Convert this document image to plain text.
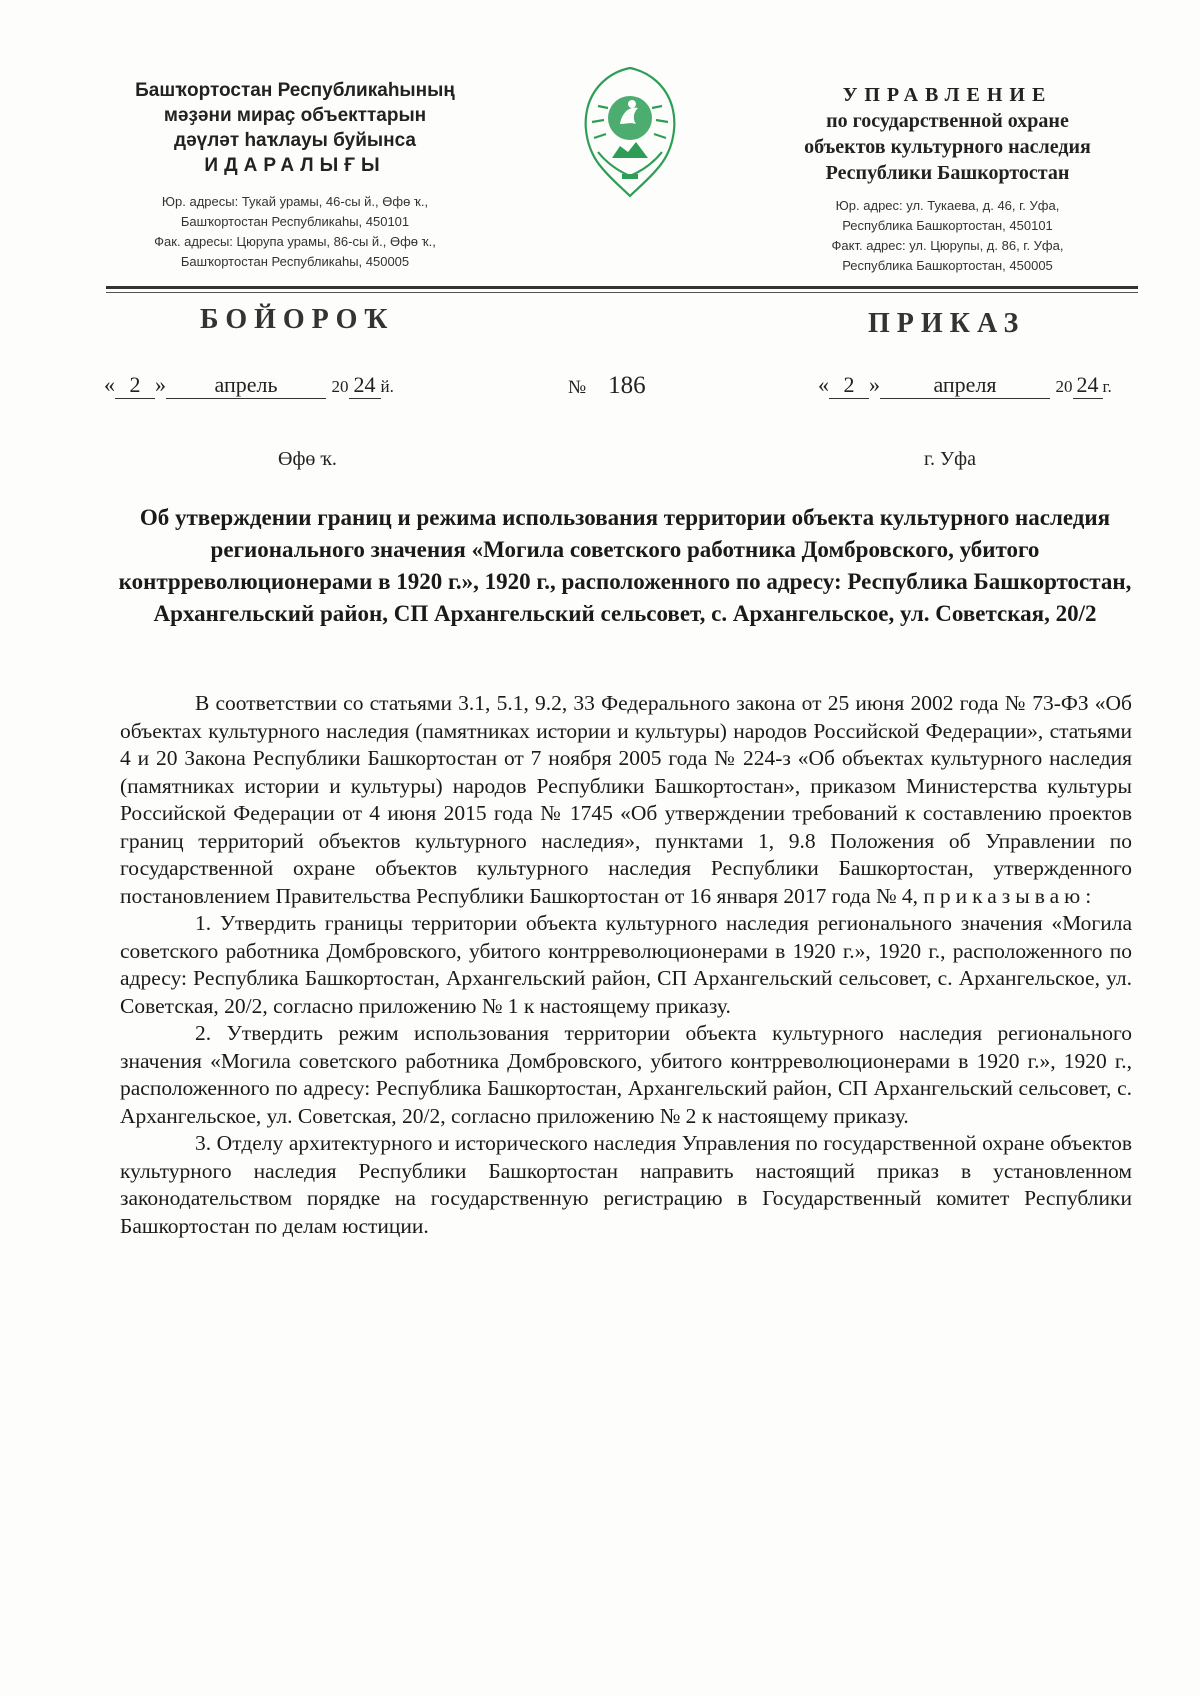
Башҡортостан Республикаһының
мәҙәни мираҫ объекттарын
дәүләт һаҡлауы буйынса
ИДАРАЛЫҒЫ
Юр. адресы: Тукай урамы, 46-сы й., Өфө ҡ.,
Башҡортостан Республикаһы, 450101
Фак. адресы: Цюрупа урамы, 86-сы й., Өфө ҡ.,
Башҡортостан Республикаһы, 450005
УПРАВЛЕНИЕ
по государственной охране
объектов культурного наследия
Республики Башкортостан
Юр. адрес: ул. Тукаева, д. 46, г. Уфа,
Республика Башкортостан, 450101
Факт. адрес: ул. Цюрупы, д. 86, г. Уфа,
Республика Башкортостан, 450005
БОЙОРОҠ	ПРИКАЗ
« 2 » апрель	20 24 й.	№ 186	« 2 » апреля	20 24 г.
Өфө ҡ.	г. Уфа
Об утверждении границ и режима использования территории объекта культурного наследия регионального значения «Могила советского работника Домбровского, убитого контрреволюционерами в 1920 г.», 1920 г., расположенного по адресу: Республика Башкортостан, Архангельский район, СП Архангельский сельсовет, с. Архангельское, ул. Советская, 20/2

В соответствии со статьями 3.1, 5.1, 9.2, 33 Федерального закона от 25 июня 2002 года № 73-ФЗ «Об объектах культурного наследия (памятниках истории и культуры) народов Российской Федерации», статьями 4 и 20 Закона Республики Башкортостан от 7 ноября 2005 года № 224-з «Об объектах культурного наследия (памятниках истории и культуры) народов Республики Башкортостан», приказом Министерства культуры Российской Федерации от 4 июня 2015 года № 1745 «Об утверждении требований к составлению проектов границ территорий объектов культурного наследия», пунктами 1, 9.8 Положения об Управлении по государственной охране объектов культурного наследия Республики Башкортостан, утвержденного постановлением Правительства Республики Башкортостан от 16 января 2017 года № 4, приказываю:

1. Утвердить границы территории объекта культурного наследия регионального значения «Могила советского работника Домбровского, убитого контрреволюционерами в 1920 г.», 1920 г., расположенного по адресу: Республика Башкортостан, Архангельский район, СП Архангельский сельсовет, с. Архангельское, ул. Советская, 20/2, согласно приложению № 1 к настоящему приказу.

2. Утвердить режим использования территории объекта культурного наследия регионального значения «Могила советского работника Домбровского, убитого контрреволюционерами в 1920 г.», 1920 г., расположенного по адресу: Республика Башкортостан, Архангельский район, СП Архангельский сельсовет, с. Архангельское, ул. Советская, 20/2, согласно приложению № 2 к настоящему приказу.

3. Отделу архитектурного и исторического наследия Управления по государственной охране объектов культурного наследия Республики Башкортостан направить настоящий приказ в установленном законодательством порядке на государственную регистрацию в Государственный комитет Республики Башкортостан по делам юстиции.
